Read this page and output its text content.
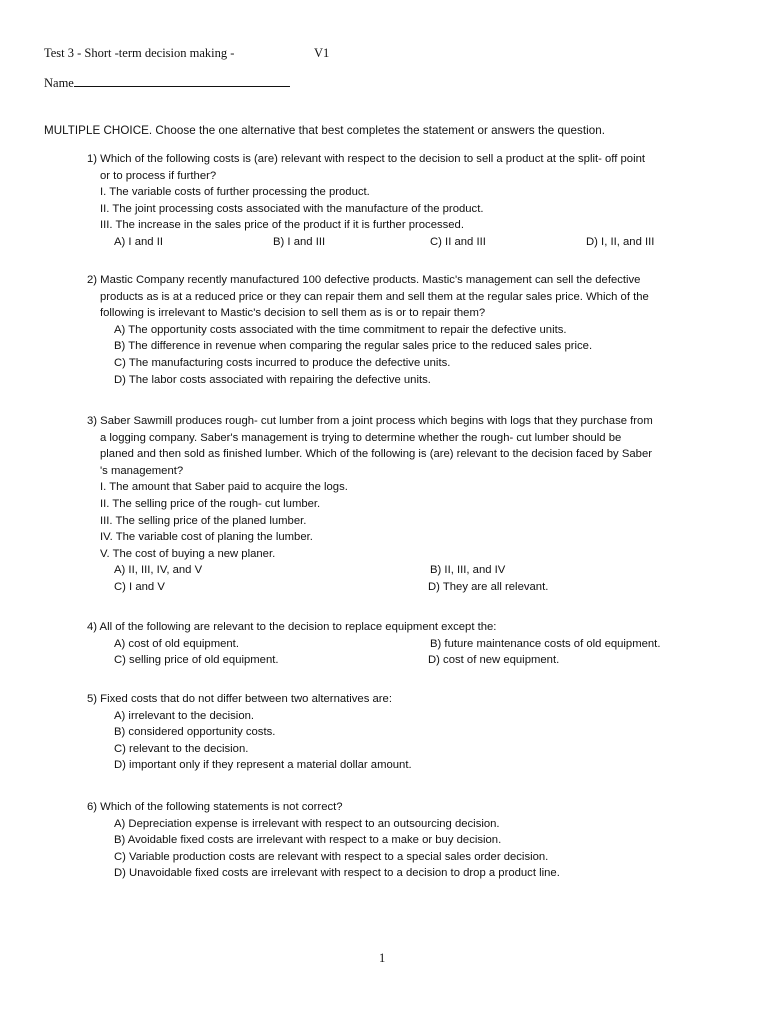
Test 3 - Short -term decision making -	V1
Name
MULTIPLE CHOICE. Choose the one alternative that best completes the statement or answers the question.

1) Which of the following costs is (are) relevant with respect to the decision to sell a product at the split- off point
or to process if further?

I. The variable costs of further processing the product.
II. The joint processing costs associated with the manufacture of the product.
III. The increase in the sales price of the product if it is further processed.
A) I and II	B) I and III	C) II and III	D) I, II, and III

2) Mastic Company recently manufactured 100 defective products. Mastic's management can sell the defective
products as is at a reduced price or they can repair them and sell them at the regular sales price. Which of the
following is irrelevant to Mastic's decision to sell them as is or to repair them?

A) The opportunity costs associated with the time commitment to repair the defective units.
B) The difference in revenue when comparing the regular sales price to the reduced sales price.
C) The manufacturing costs incurred to produce the defective units.
D) The labor costs associated with repairing the defective units.

3) Saber Sawmill produces rough- cut lumber from a joint process which begins with logs that they purchase from
a logging company. Saber's management is trying to determine whether the rough- cut lumber should be
planed and then sold as finished lumber. Which of the following is (are) relevant to the decision faced by Saber
's management?

I. The amount that Saber paid to acquire the logs.
II. The selling price of the rough- cut lumber.
III. The selling price of the planed lumber.
IV. The variable cost of planing the lumber.
V. The cost of buying a new planer.
A) II, III, IV, and V	B) II, III, and IV
C) I and V	D) They are all relevant.

4) All of the following are relevant to the decision to replace equipment except the:

A) cost of old equipment.	B) future maintenance costs of old equipment.
C) selling price of old equipment.	D) cost of new equipment.

5) Fixed costs that do not differ between two alternatives are:

A) irrelevant to the decision.
B) considered opportunity costs.
C) relevant to the decision.
D) important only if they represent a material dollar amount.

6) Which of the following statements is not correct?

A) Depreciation expense is irrelevant with respect to an outsourcing decision.
B) Avoidable fixed costs are irrelevant with respect to a make or buy decision.
C) Variable production costs are relevant with respect to a special sales order decision.
D) Unavoidable fixed costs are irrelevant with respect to a decision to drop a product line.
1
